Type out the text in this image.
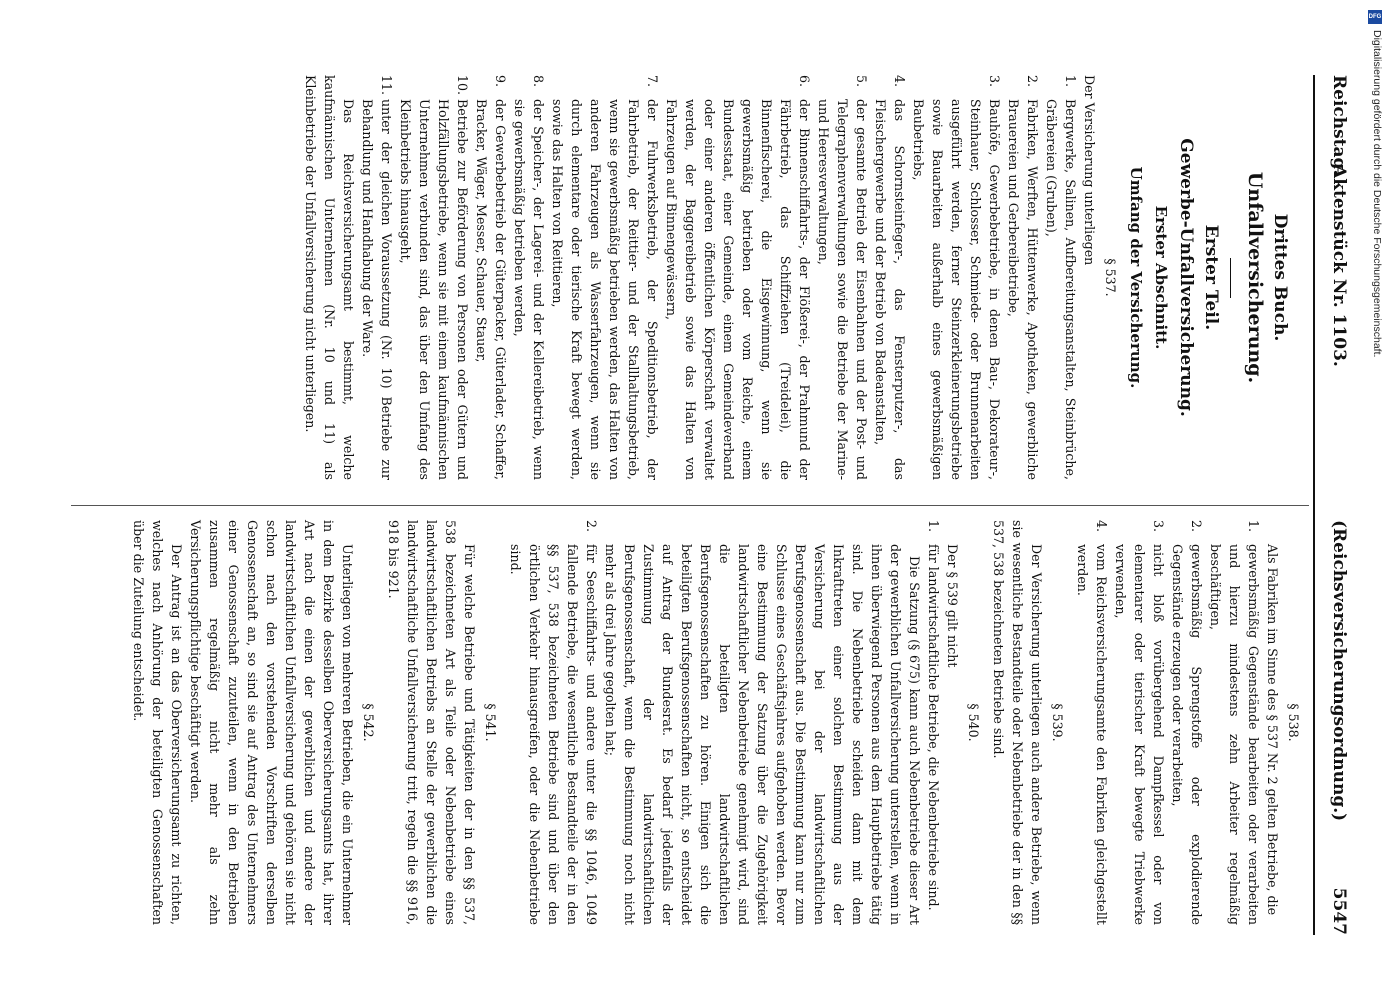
DFG
Digitalisierung gefördert durch die Deutsche Forschungsgemeinschaft.
Reichstag.
Aktenstück Nr. 1103.
(Reichsversicherungsordnung.)
5547
Drittes Buch.
Unfallversicherung.
Erster Teil.
Gewerbe-Unfallversicherung.
Erster Abschnitt.
Umfang der Versicherung.
§ 537.

Der Versicherung unterliegen

1.
Bergwerke, Salinen, Aufbereitungsanstalten, Steinbrüche, Gräbereien (Gruben),
2.
Fabriken, Werften, Hüttenwerke, Apotheken, gewerbliche Brauereien und Gerbereibetriebe,
3.
Bauhöfe, Gewerbebetriebe, in denen Bau-, Dekorateur-, Steinhauer, Schlosser, Schmiede- oder Brunnenarbeiten ausgeführt werden, ferner Steinzerkleinerungsbetriebe sowie Bauarbeiten außerhalb eines gewerbsmäßigen Baubetriebs,
4.
das Schornsteinfeger-, das Fensterputzer-, das Fleischergewerbe und der Betrieb von Badeanstalten,
5.
der gesamte Betrieb der Eisenbahnen und der Post- und Telegraphenverwaltungen sowie die Betriebe der Marine- und Heeresverwaltungen,
6.
der Binnenschiffahrts-, der Flößerei-, der Prahmund der Fährbetrieb, das Schiffziehen (Treidelei), die Binnenfischerei, die Eisgewinnung, wenn sie gewerbsmäßig betrieben oder vom Reiche, einem Bundesstaat, einer Gemeinde, einem Gemeindeverband oder einer anderen öffentlichen Körperschaft verwaltet werden, der Baggereibetrieb sowie das Halten von Fahrzeugen auf Binnengewässern,
7.
der Fuhrwerksbetrieb, der Speditionsbetrieb, der Fahrbetrieb, der Reittier- und der Stallhaltungsbetrieb, wenn sie gewerbsmäßig betrieben werden, das Halten von anderen Fahrzeugen als Wasserfahrzeugen, wenn sie durch elementare oder tierische Kraft bewegt werden, sowie das Halten von Reittieren,
8.
der Speicher-, der Lagerei- und der Kellereibetrieb, wenn sie gewerbsmäßig betrieben werden,
9.
der Gewerbebetrieb der Güterpacker, Güterlader, Schaffer, Bracker, Wäger, Messer, Schauer, Stauer,
10.
Betriebe zur Beförderung von Personen oder Gütern und Holzfällungsbetriebe, wenn sie mit einem kaufmännischen Unternehmen verbunden sind, das über den Umfang des Kleinbetriebs hinausgeht,
11.
unter der gleichen Voraussetzung (Nr. 10) Betriebe zur Behandlung und Handhabung der Ware.

Das Reichsversicherungsamt bestimmt, welche kaufmännischen Unternehmen (Nr. 10 und 11) als Kleinbetriebe der Unfallversicherung nicht unterliegen.

§ 538.

Als Fabriken im Sinne des § 537 Nr. 2 gelten Betriebe, die

1.
gewerbsmäßig Gegenstände bearbeiten oder verarbeiten und hierzu mindestens zehn Arbeiter regelmäßig beschäftigen,
2.
gewerbsmäßig Sprengstoffe oder explodierende Gegenstände erzeugen oder verarbeiten,
3.
nicht bloß vorübergehend Dampfkessel oder von elementarer oder tierischer Kraft bewegte Triebwerke verwenden,
4.
vom Reichsversicherungsamte den Fabriken gleichgestellt werden.
§ 539.

Der Versicherung unterliegen auch andere Betriebe, wenn sie wesentliche Bestandteile oder Nebenbetriebe der in den §§ 537, 538 bezeichneten Betriebe sind.

§ 540.

Der § 539 gilt nicht

1.
für landwirtschaftliche Betriebe, die Nebenbetriebe sind.

Die Satzung (§ 675) kann auch Nebenbetriebe dieser Art der gewerblichen Unfallversicherung unterstellen, wenn in ihnen überwiegend Personen aus dem Hauptbetriebe tätig sind. Die Nebenbetriebe scheiden dann mit dem Inkrafttreten einer solchen Bestimmung aus der Versicherung bei der landwirtschaftlichen Berufsgenossenschaft aus. Die Bestimmung kann nur zum Schlusse eines Geschäftsjahres aufgehoben werden. Bevor eine Bestimmung der Satzung über die Zugehörigkeit landwirtschaftlicher Nebenbetriebe genehmigt wird, sind die beteiligten landwirtschaftlichen Berufsgenossenschaften zu hören. Einigen sich die beteiligten Berufsgenossenschaften nicht, so entscheidet auf Antrag der Bundesrat. Es bedarf jedenfalls der Zustimmung der landwirtschaftlichen Berufsgenossenschaft, wenn die Bestimmung noch nicht mehr als drei Jahre gegolten hat;

2.
für Seeschiffahrts- und andere unter die §§ 1046, 1049 fallende Betriebe, die wesentliche Bestandteile der in den §§ 537, 538 bezeichneten Betriebe sind und über den örtlichen Verkehr hinausgreifen, oder die Nebenbetriebe sind.
§ 541.

Für welche Betriebe und Tätigkeiten der in den §§ 537, 538 bezeichneten Art als Teile oder Nebenbetriebe eines landwirtschaftlichen Betriebs an Stelle der gewerblichen die landwirtschaftliche Unfallversicherung tritt, regeln die §§ 916, 918 bis 921.

§ 542.

Unterliegen von mehreren Betrieben, die ein Unternehmer in dem Bezirke desselben Oberversicherungsamts hat, ihrer Art nach die einen der gewerblichen und andere der landwirtschaftlichen Unfallversicherung und gehören sie nicht schon nach den vorstehenden Vorschriften derselben Genossenschaft an, so sind sie auf Antrag des Unternehmers einer Genossenschaft zuzuteilen, wenn in den Betrieben zusammen regelmäßig nicht mehr als zehn Versicherungspflichtige beschäftigt werden.

Der Antrag ist an das Oberversicherungsamt zu richten, welches nach Anhörung der beteiligten Genossenschaften über die Zuteilung entscheidet.
